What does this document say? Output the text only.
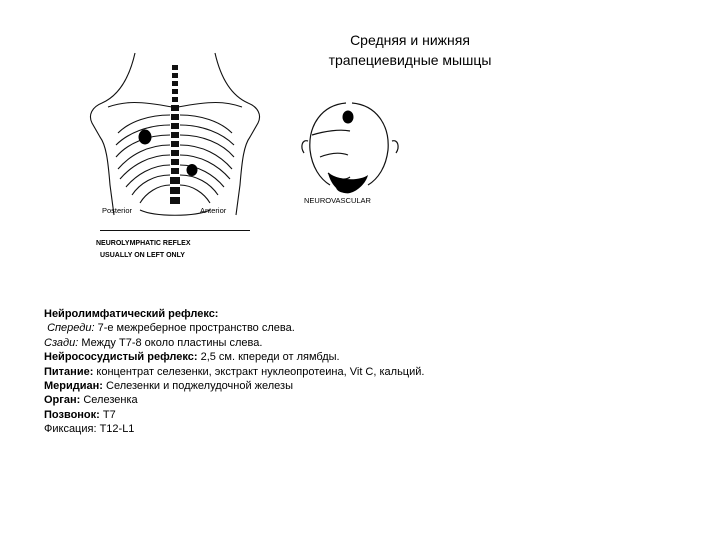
Средняя и нижняя
трапециевидные мышцы
Posterior	Anterior
NEUROLYMPHATIC REFLEX
USUALLY ON LEFT ONLY
NEUROVASCULAR
Нейролимфатический рефлекс:
Спереди: 7-е межреберное пространство слева.
Сзади: Между T7-8 около пластины слева.
Нейрососудистый рефлекс: 2,5 см. кпереди от лямбды.
Питание: концентрат селезенки, экстракт нуклеопротеина, Vit C, кальций.
Меридиан: Селезенки и поджелудочной железы
Орган: Селезенка
Позвонок: T7
Фиксация: T12-L1
